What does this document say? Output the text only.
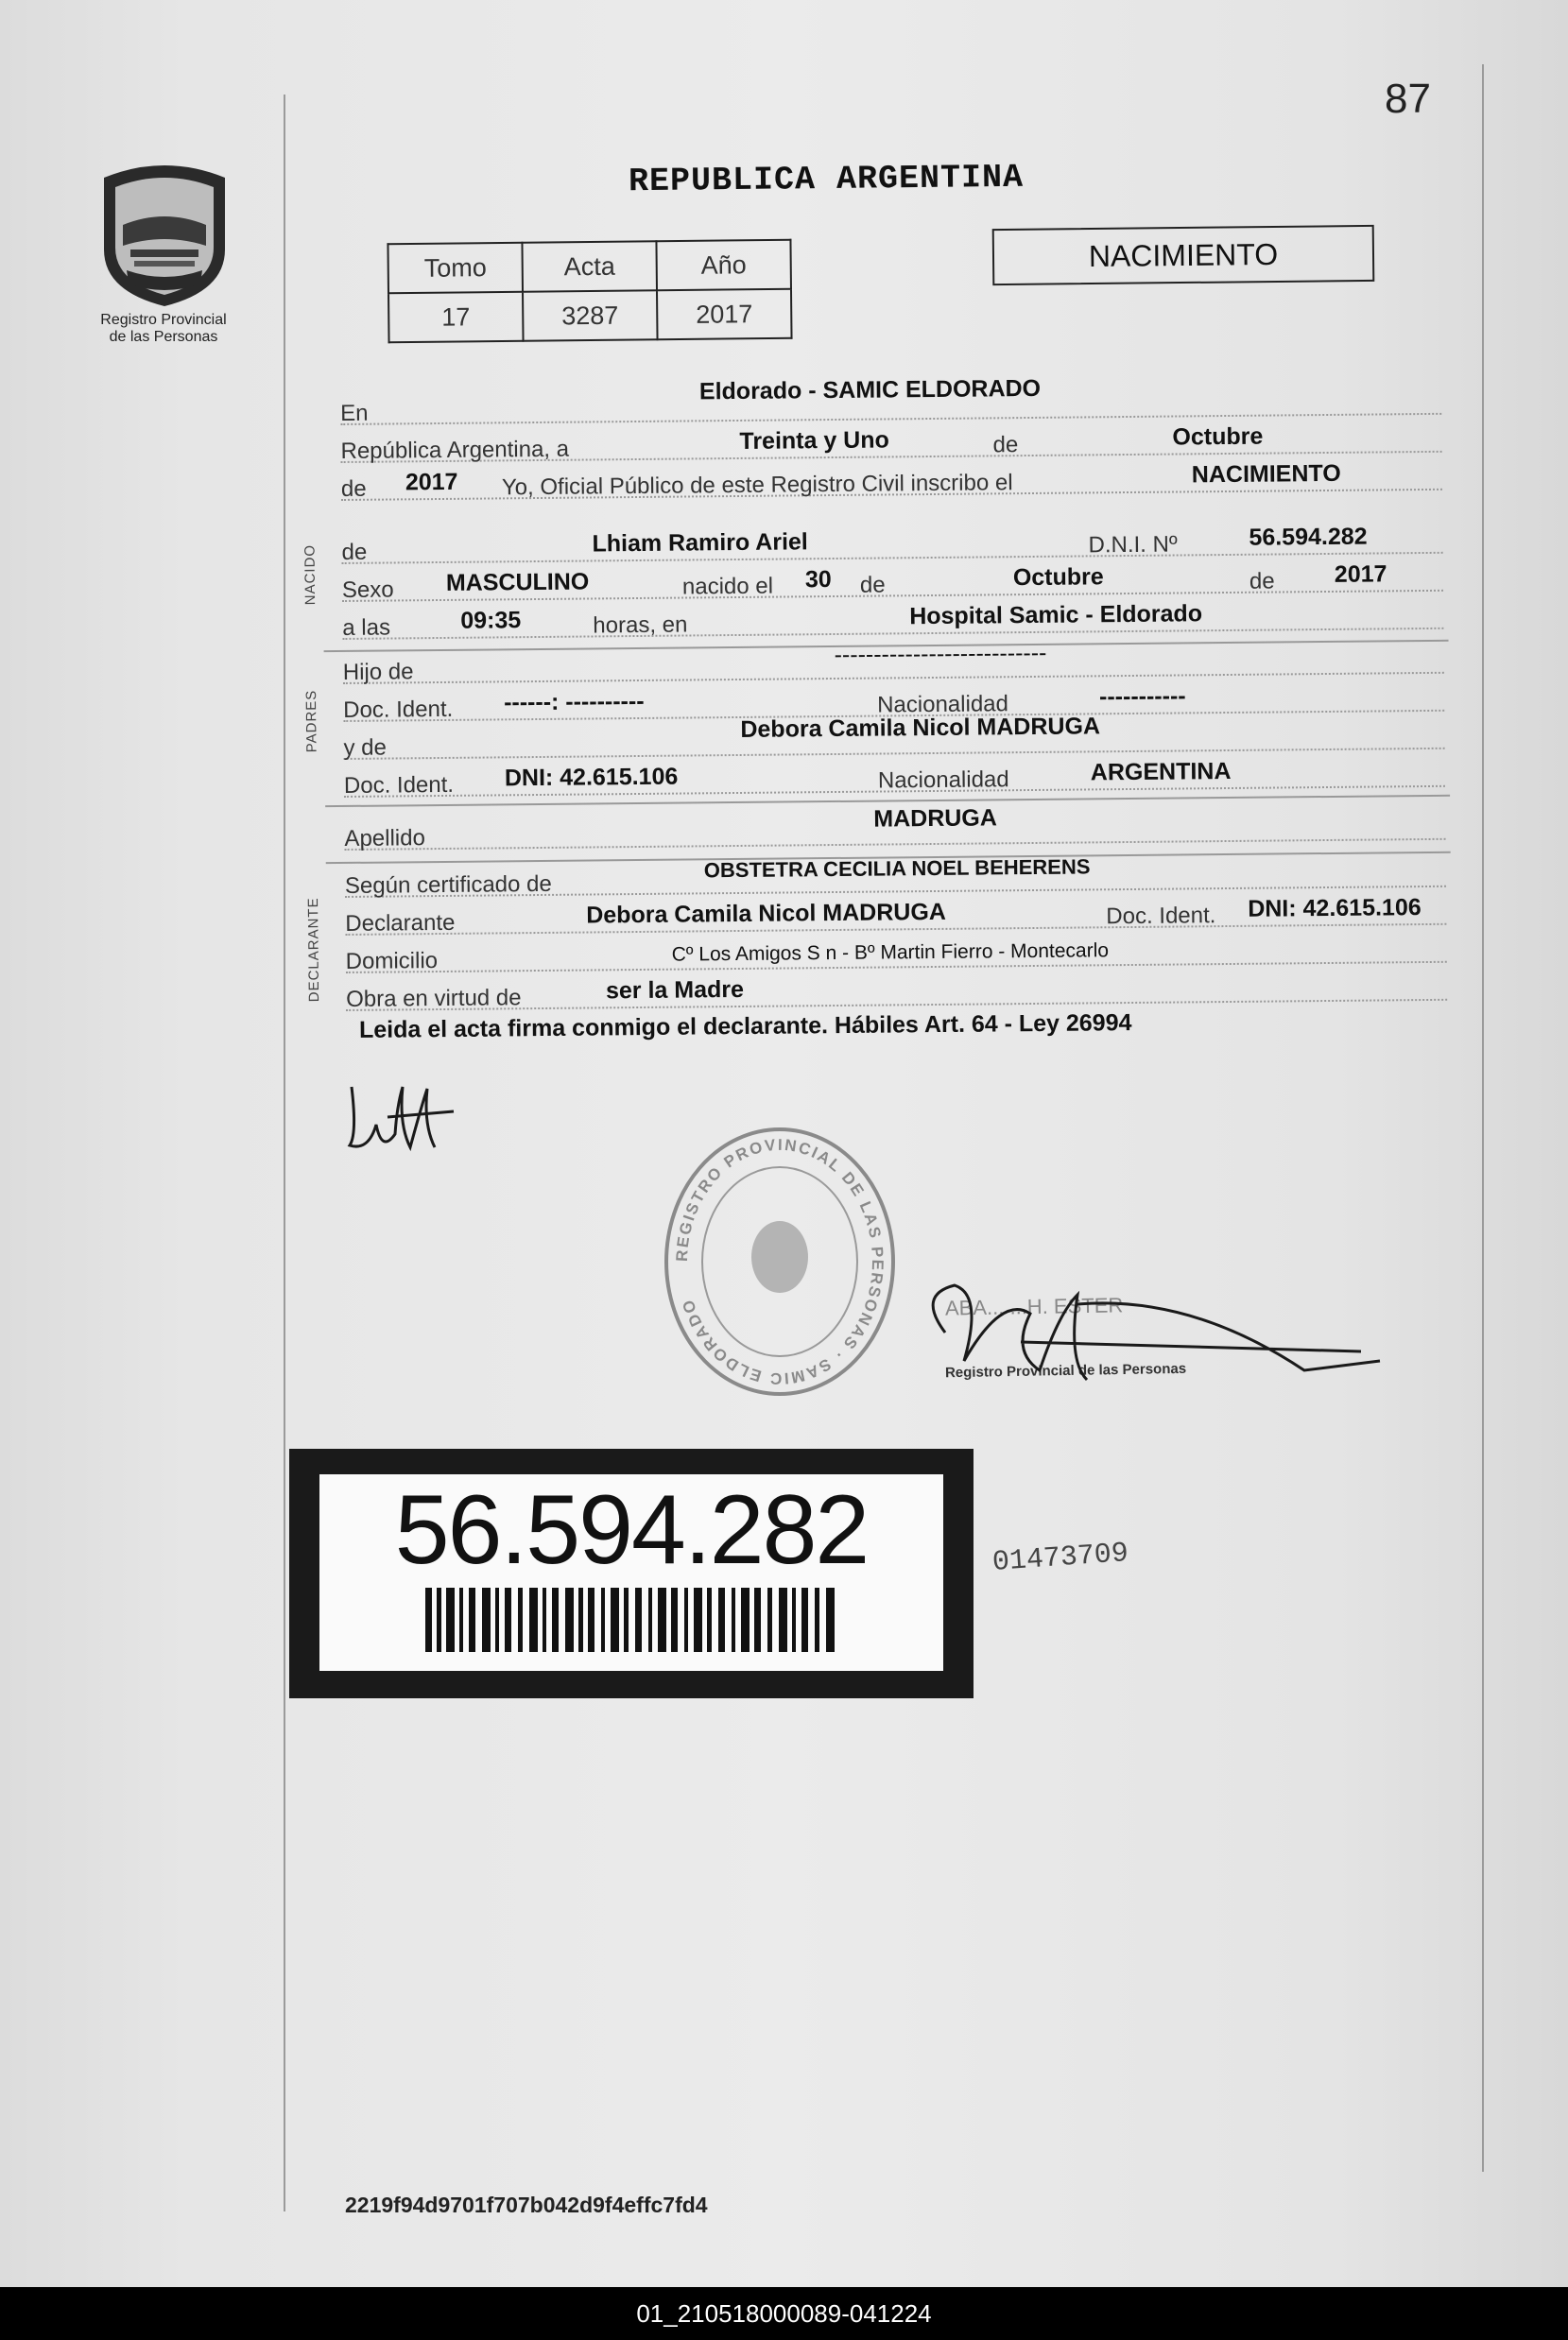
87
Registro Provincial
de las Personas
REPUBLICA ARGENTINA
Tomo	Acta	Año
17	3287	2017
NACIMIENTO
En
Eldorado - SAMIC ELDORADO
República Argentina, a	Treinta y Uno	de	Octubre
de 2017 Yo, Oficial Público de este Registro Civil inscribo el	NACIMIENTO
de	Lhiam Ramiro Ariel	D.N.I. Nº	56.594.282
Sexo MASCULINO	nacido el 30 de	Octubre	de	2017
a las	09:35	horas, en	Hospital Samic - Eldorado
Hijo de
---------------------------
Doc. Ident. ------: ----------	Nacionalidad	-----------
y de
Debora Camila Nicol MADRUGA
Doc. Ident. DNI: 42.615.106	Nacionalidad	ARGENTINA
Apellido
MADRUGA
Según certificado de
OBSTETRA CECILIA NOEL BEHERENS
Declarante	Debora Camila Nicol MADRUGA	Doc. Ident. DNI: 42.615.106
Domicilio	Cº Los Amigos S n - Bº Martin Fierro - Montecarlo
Obra en virtud de	ser la Madre
NACIDO
PADRES
DECLARANTE
Leida el acta firma conmigo el declarante. Hábiles Art. 64 - Ley 26994
REGISTRO PROVINCIAL DE LAS PERSONAS · SAMIC ELDORADO	ABA... ...H. ESTER
Registro Provincial de las Personas
56.594.282	01473709
2219f94d9701f707b042d9f4effc7fd4
01_210518000089-041224
